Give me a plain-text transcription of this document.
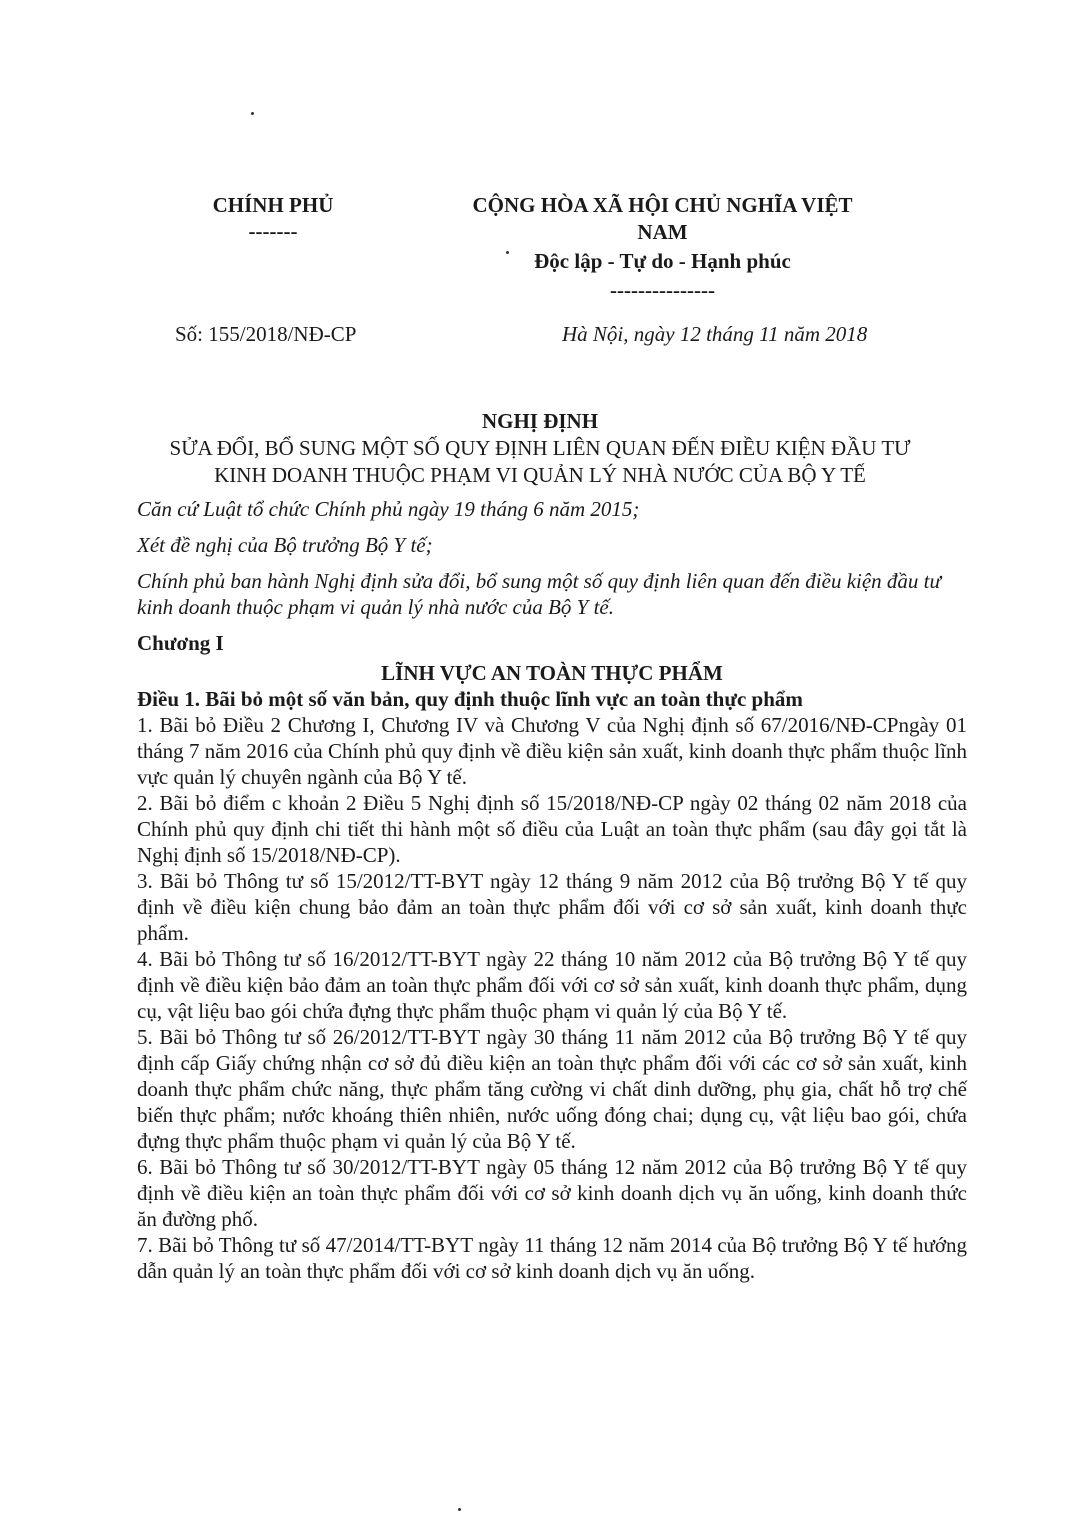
CHÍNH PHỦ
-------
CỘNG HÒA XÃ HỘI CHỦ NGHĨA VIỆT
NAM
Độc lập - Tự do - Hạnh phúc
---------------
Số: 155/2018/NĐ-CP	Hà Nội, ngày 12 tháng 11 năm 2018
NGHỊ ĐỊNH
SỬA ĐỔI, BỔ SUNG MỘT SỐ QUY ĐỊNH LIÊN QUAN ĐẾN ĐIỀU KIỆN ĐẦU TƯ
KINH DOANH THUỘC PHẠM VI QUẢN LÝ NHÀ NƯỚC CỦA BỘ Y TẾ

Căn cứ Luật tổ chức Chính phủ ngày 19 tháng 6 năm 2015;

Xét đề nghị của Bộ trưởng Bộ Y tế;

Chính phủ ban hành Nghị định sửa đổi, bổ sung một số quy định liên quan đến điều kiện đầu tư kinh doanh thuộc phạm vi quản lý nhà nước của Bộ Y tế.

Chương I

LĨNH VỰC AN TOÀN THỰC PHẨM

Điều 1. Bãi bỏ một số văn bản, quy định thuộc lĩnh vực an toàn thực phẩm

1. Bãi bỏ Điều 2 Chương I, Chương IV và Chương V của Nghị định số 67/2016/NĐ-CPngày 01 tháng 7 năm 2016 của Chính phủ quy định về điều kiện sản xuất, kinh doanh thực phẩm thuộc lĩnh vực quản lý chuyên ngành của Bộ Y tế.

2. Bãi bỏ điểm c khoản 2 Điều 5 Nghị định số 15/2018/NĐ-CP ngày 02 tháng 02 năm 2018 của Chính phủ quy định chi tiết thi hành một số điều của Luật an toàn thực phẩm (sau đây gọi tắt là Nghị định số 15/2018/NĐ-CP).

3. Bãi bỏ Thông tư số 15/2012/TT-BYT ngày 12 tháng 9 năm 2012 của Bộ trưởng Bộ Y tế quy định về điều kiện chung bảo đảm an toàn thực phẩm đối với cơ sở sản xuất, kinh doanh thực phẩm.

4. Bãi bỏ Thông tư số 16/2012/TT-BYT ngày 22 tháng 10 năm 2012 của Bộ trưởng Bộ Y tế quy định về điều kiện bảo đảm an toàn thực phẩm đối với cơ sở sản xuất, kinh doanh thực phẩm, dụng cụ, vật liệu bao gói chứa đựng thực phẩm thuộc phạm vi quản lý của Bộ Y tế.

5. Bãi bỏ Thông tư số 26/2012/TT-BYT ngày 30 tháng 11 năm 2012 của Bộ trưởng Bộ Y tế quy định cấp Giấy chứng nhận cơ sở đủ điều kiện an toàn thực phẩm đối với các cơ sở sản xuất, kinh doanh thực phẩm chức năng, thực phẩm tăng cường vi chất dinh dưỡng, phụ gia, chất hỗ trợ chế biến thực phẩm; nước khoáng thiên nhiên, nước uống đóng chai; dụng cụ, vật liệu bao gói, chứa đựng thực phẩm thuộc phạm vi quản lý của Bộ Y tế.

6. Bãi bỏ Thông tư số 30/2012/TT-BYT ngày 05 tháng 12 năm 2012 của Bộ trưởng Bộ Y tế quy định về điều kiện an toàn thực phẩm đối với cơ sở kinh doanh dịch vụ ăn uống, kinh doanh thức ăn đường phố.

7. Bãi bỏ Thông tư số 47/2014/TT-BYT ngày 11 tháng 12 năm 2014 của Bộ trưởng Bộ Y tế hướng dẫn quản lý an toàn thực phẩm đối với cơ sở kinh doanh dịch vụ ăn uống.
